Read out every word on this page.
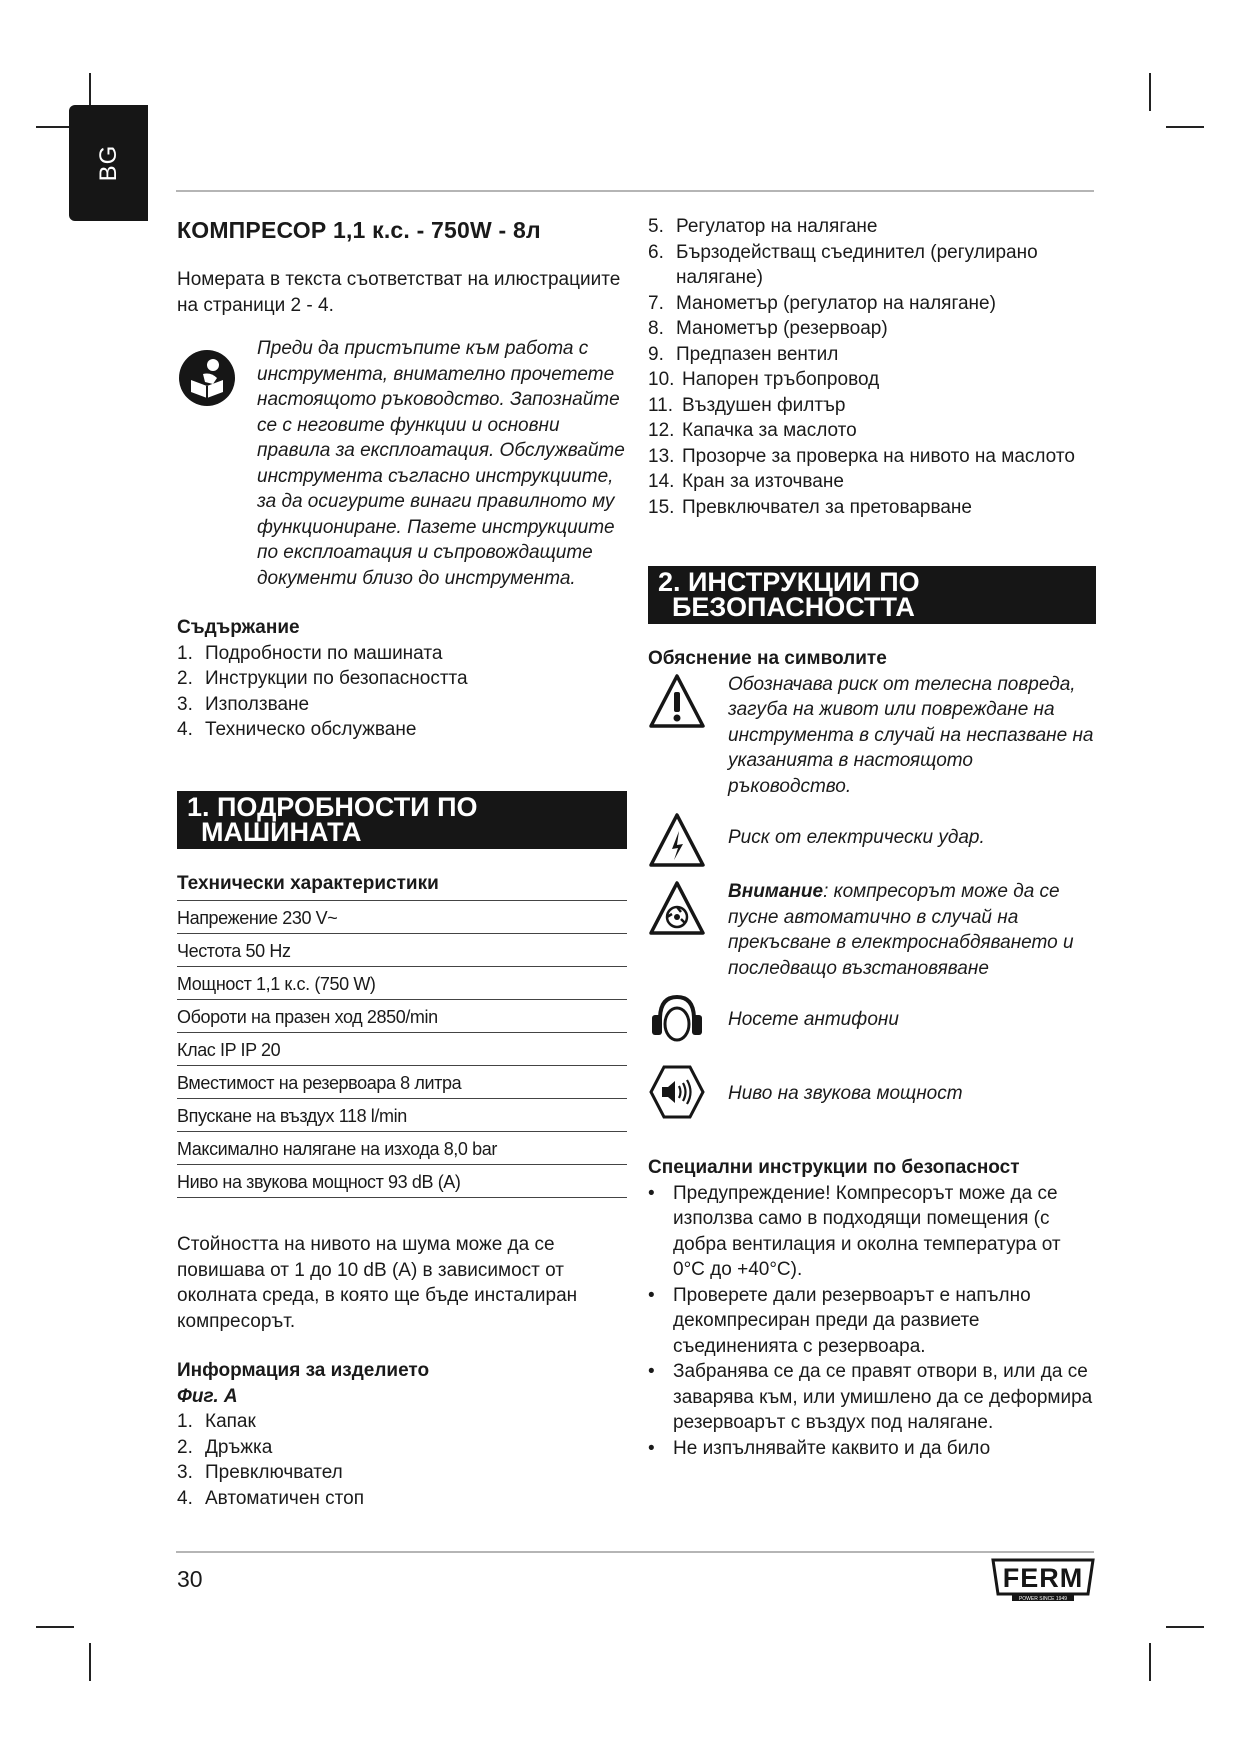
BG
КОМПРЕСОР 1,1 к.с. - 750W - 8л

Номерата в текста съответстват на илюстрациите на страници 2 - 4.

Преди да пристъпите към работа с инструмента, внимателно прочетете настоящото ръководство. Запознайте се с неговите функции и основни правила за експлоатация. Обслужвайте инструмента съгласно инструкциите, за да осигурите винаги правилното му функциониране. Пазете инструкциите по експлоатация и съпровождащите документи близо до инструмента.

Съдържание

1. Подробности по машината
2. Инструкции по безопасността
3. Използване
4. Техническо обслужване
1. ПОДРОБНОСТИ ПО
МАШИНАТА

Технически характеристики

Напрежение 230 V~
Честота 50 Hz
Мощност 1,1 к.с. (750 W)
Обороти на празен ход 2850/min
Клас IP IP 20
Вместимост на резервоара 8 литра
Впускане на въздух 118 l/min
Максимално налягане на изхода 8,0 bar
Ниво на звукова мощност 93 dB (A)

Стойността на нивото на шума може да се повишава от 1 до 10 dB (A) в зависимост от околната среда, в която ще бъде инсталиран компресорът.

Информация за изделието

Фиг. А

1. Капак
2. Дръжка
3. Превключвател
4. Автоматичен стоп
5. Регулатор на налягане
6. Бързодействащ съединител (регулирано налягане)
7. Манометър (регулатор на налягане)
8. Манометър (резервоар)
9. Предпазен вентил
10. Напорен тръбопровод
11. Въздушен филтър
12. Капачка за маслото
13. Прозорче за проверка на нивото на маслото
14. Кран за източване
15. Превключвател за претоварване
2. ИНСТРУКЦИИ ПО
БЕЗОПАСНОСТТА

Обяснение на символите

Обозначава риск от телесна повреда, загуба на живот или повреждане на инструмента в случай на неспазване на указанията в настоящото ръководство.

Риск от електрически удар.

Внимание: компресорът може да се пусне автоматично в случай на прекъсване в електроснабдяването и последващо възстановяване

Носете антифони

Ниво на звукова мощност

Специални инструкции по безопасност

• Предупреждение! Компресорът може да се използва само в подходящи помещения (с добра вентилация и околна температура от 0°C до +40°C).
• Проверете дали резервоарът е напълно декомпресиран преди да развиете съединенията с резервоара.
• Забранява се да се правят отвори в, или да се заварява към, или умишлено да се деформира резервоарът с въздух под налягане.
• Не изпълнявайте каквито и да било
30	FERM
POWER SINCE 1949
